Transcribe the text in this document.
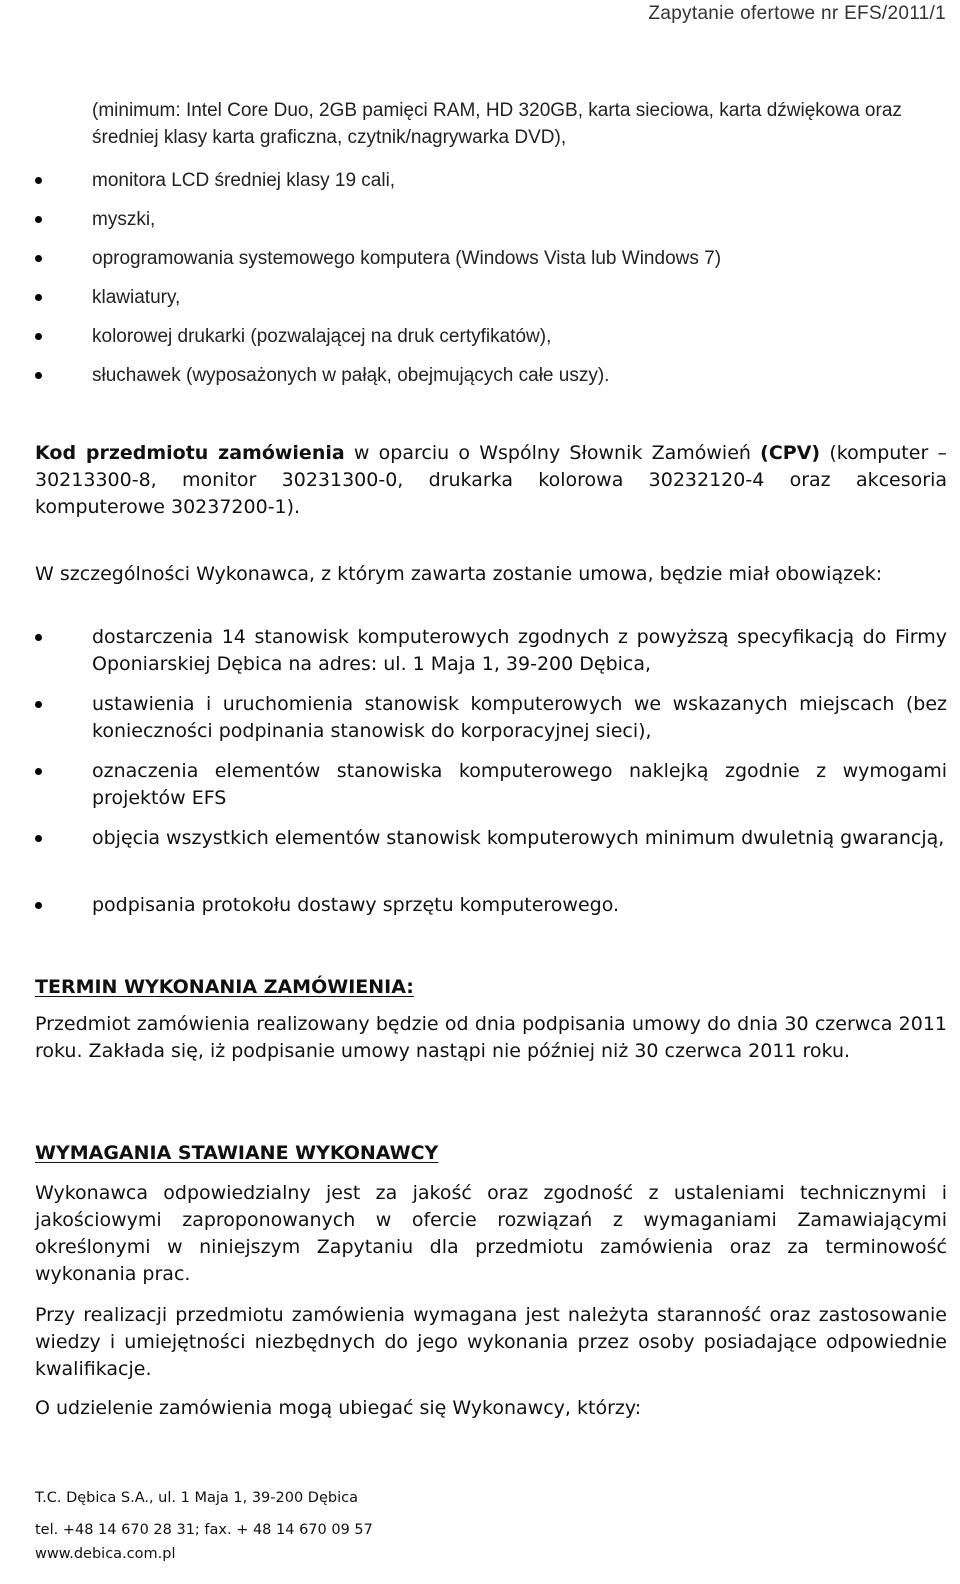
Zapytanie ofertowe nr EFS/2011/1
(minimum: Intel Core Duo, 2GB pamięci RAM, HD 320GB, karta sieciowa, karta dźwiękowa oraz średniej klasy karta graficzna, czytnik/nagrywarka DVD),
monitora LCD średniej klasy 19 cali,
myszki,
oprogramowania systemowego komputera (Windows Vista lub Windows 7)
klawiatury,
kolorowej drukarki (pozwalającej na druk certyfikatów),
słuchawek (wyposażonych w pałąk, obejmujących całe uszy).
Kod przedmiotu zamówienia w oparciu o Wspólny Słownik Zamówień (CPV) (komputer – 30213300-8, monitor 30231300-0, drukarka kolorowa 30232120-4 oraz akcesoria komputerowe 30237200-1).
W szczególności Wykonawca, z którym zawarta zostanie umowa, będzie miał obowiązek:
dostarczenia 14 stanowisk komputerowych zgodnych z powyższą specyfikacją do Firmy Oponiarskiej Dębica na adres: ul. 1 Maja 1, 39-200 Dębica,
ustawienia i uruchomienia stanowisk komputerowych we wskazanych miejscach (bez konieczności podpinania stanowisk do korporacyjnej sieci),
oznaczenia elementów stanowiska komputerowego naklejką zgodnie z wymogami projektów EFS
objęcia wszystkich elementów stanowisk komputerowych minimum dwuletnią gwarancją,
podpisania protokołu dostawy sprzętu komputerowego.
TERMIN WYKONANIA ZAMÓWIENIA:
Przedmiot zamówienia realizowany będzie od dnia podpisania umowy do dnia 30 czerwca 2011 roku. Zakłada się, iż podpisanie umowy nastąpi nie później niż 30 czerwca 2011 roku.
WYMAGANIA STAWIANE WYKONAWCY
Wykonawca odpowiedzialny jest za jakość oraz zgodność z ustaleniami technicznymi i jakościowymi zaproponowanych w ofercie rozwiązań z wymaganiami Zamawiającymi określonymi w niniejszym Zapytaniu dla przedmiotu zamówienia oraz za terminowość wykonania prac.
Przy realizacji przedmiotu zamówienia wymagana jest należyta staranność oraz zastosowanie wiedzy i umiejętności niezbędnych do jego wykonania przez osoby posiadające odpowiednie kwalifikacje.
O udzielenie zamówienia mogą ubiegać się Wykonawcy, którzy:
T.C. Dębica S.A., ul. 1 Maja 1, 39-200 Dębica
tel. +48 14 670 28 31; fax. + 48 14 670 09 57
www.debica.com.pl
